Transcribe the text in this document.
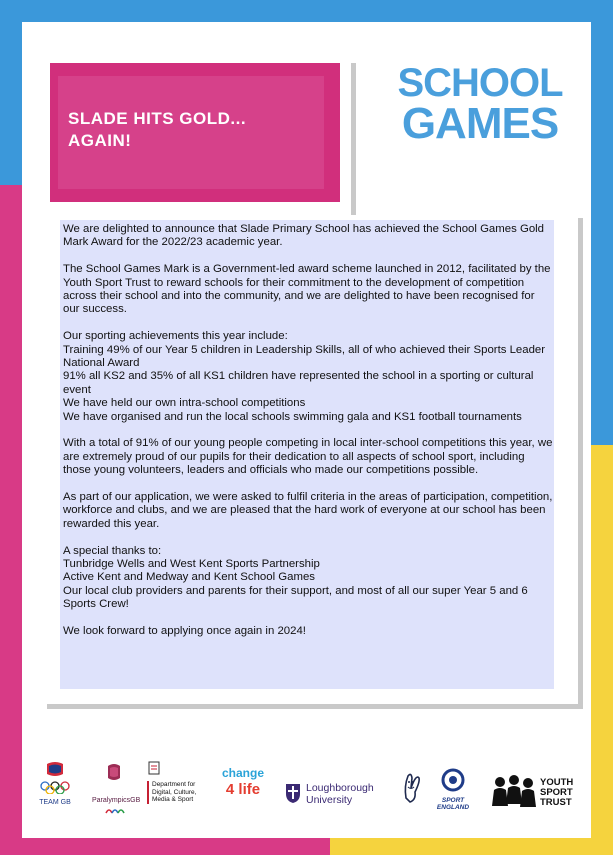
SLADE HITS GOLD...
AGAIN!
SCHOOL
GAMES

We are delighted to announce that Slade Primary School has achieved the School Games Gold Mark Award for the 2022/23 academic year.

The School Games Mark is a Government-led award scheme launched in 2012, facilitated by the Youth Sport Trust to reward schools for their commitment to the development of competition across their school and into the community, and we are delighted to have been recognised for our success.

Our sporting achievements this year include:
Training 49% of our Year 5 children in Leadership Skills, all of who achieved their Sports Leader National Award
91% all KS2 and 35% of all KS1 children have represented the school in a sporting or cultural event
We have held our own intra-school competitions
We have organised and run the local schools swimming gala and KS1 football tournaments

With a total of 91% of our young people competing in local inter-school competitions this year, we are extremely proud of our pupils for their dedication to all aspects of school sport, including those young volunteers, leaders and officials who made our competitions possible.

As part of our application, we were asked to fulfil criteria in the areas of participation, competition, workforce and clubs, and we are pleased that the hard work of everyone at our school has been rewarded this year.

A special thanks to:
Tunbridge Wells and West Kent Sports Partnership
Active Kent and Medway and Kent School Games
Our local club providers and parents for their support, and most of all our super Year 5 and 6 Sports Crew!

We look forward to applying once again in 2024!

TEAM GB	ParalympicsGB
Department for
Digital, Culture,
Media & Sport
change
4 life	Loughborough
University	SPORT
ENGLAND
YOUTH
SPORT
TRUST
